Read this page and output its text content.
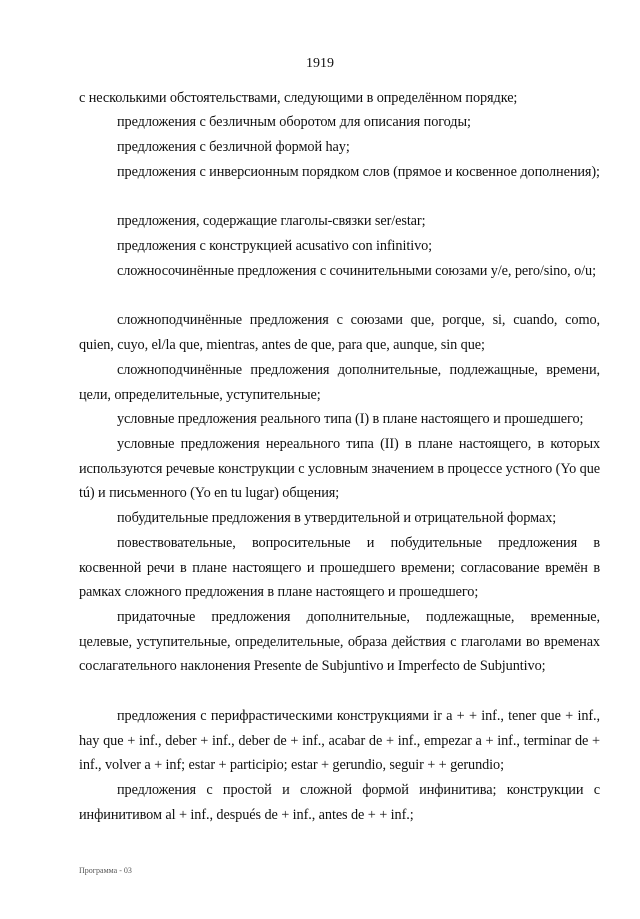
1919

с несколькими обстоятельствами, следующими в определённом порядке;

предложения с безличным оборотом для описания погоды;

предложения с безличной формой hay;

предложения с инверсионным порядком слов (прямое и косвенное дополнения);

предложения, содержащие глаголы-связки ser/estar;

предложения с конструкцией acusativo con infinitivo;

сложносочинённые предложения с сочинительными союзами y/e, pero/sino, o/u;

сложноподчинённые предложения с союзами que, porque, si, cuando, como, quien, cuyo, el/la que, mientras, antes de que, para que, aunque, sin que;

сложноподчинённые предложения дополнительные, подлежащные, времени, цели, определительные, уступительные;

условные предложения реального типа (I) в плане настоящего и прошедшего;

условные предложения нереального типа (II) в плане настоящего, в которых используются речевые конструкции с условным значением в процессе устного (Yo que tú) и письменного (Yo en tu lugar) общения;

побудительные предложения в утвердительной и отрицательной формах;

повествовательные, вопросительные и побудительные предложения в косвенной речи в плане настоящего и прошедшего времени; согласование времён в рамках сложного предложения в плане настоящего и прошедшего;

придаточные предложения дополнительные, подлежащные, временные, целевые, уступительные, определительные, образа действия с глаголами во временах сослагательного наклонения Presente de Subjuntivo и Imperfecto de Subjuntivo;

предложения с перифрастическими конструкциями ir a + + inf., tener que + inf., hay que + inf., deber + inf., deber de + inf., acabar de + inf., empezar a + inf., terminar de + inf., volver a + inf; estar + participio; estar + gerundio, seguir + + gerundio;

предложения с простой и сложной формой инфинитива; конструкции с инфинитивом al + inf., después de + inf., antes de + + inf.;

Программа - 03
